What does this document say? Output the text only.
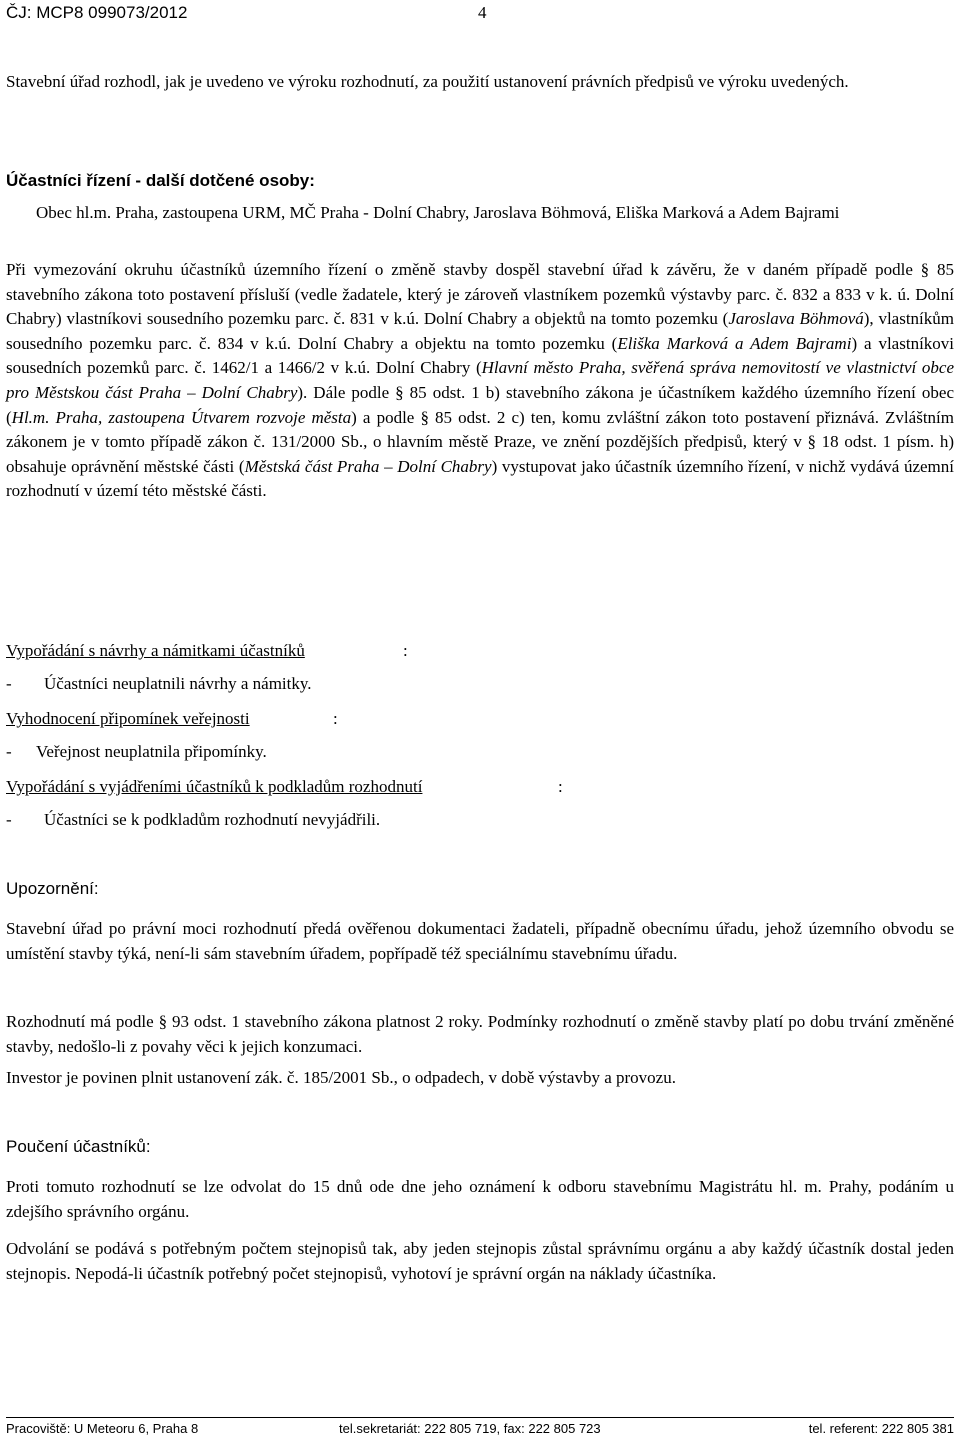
ČJ: MCP8 099073/2012	4

Stavební úřad rozhodl, jak je uvedeno ve výroku rozhodnutí, za použití ustanovení právních předpisů ve výroku uvedených.

Účastníci řízení - další dotčené osoby:

Obec hl.m. Praha, zastoupena URM, MČ Praha - Dolní Chabry, Jaroslava Böhmová, Eliška Marková a Adem Bajrami

Při vymezování okruhu účastníků územního řízení o změně stavby dospěl stavební úřad k závěru, že v daném případě podle § 85 stavebního zákona toto postavení přísluší (vedle žadatele, který je zároveň vlastníkem pozemků výstavby parc. č. 832 a 833 v k. ú. Dolní Chabry) vlastníkovi sousedního pozemku parc. č. 831 v k.ú. Dolní Chabry a objektů na tomto pozemku (Jaroslava Böhmová), vlastníkům sousedního pozemku parc. č. 834 v k.ú. Dolní Chabry a objektu na tomto pozemku (Eliška Marková a Adem Bajrami) a vlastníkovi sousedních pozemků parc. č. 1462/1 a 1466/2 v k.ú. Dolní Chabry (Hlavní město Praha, svěřená správa nemovitostí ve vlastnictví obce pro Městskou část Praha – Dolní Chabry). Dále podle § 85 odst. 1 b) stavebního zákona je účastníkem každého územního řízení obec (Hl.m. Praha, zastoupena Útvarem rozvoje města) a podle § 85 odst. 2 c) ten, komu zvláštní zákon toto postavení přiznává. Zvláštním zákonem je v tomto případě zákon č. 131/2000 Sb., o hlavním městě Praze, ve znění pozdějších předpisů, který v § 18 odst. 1 písm. h) obsahuje oprávnění městské části (Městská část Praha – Dolní Chabry) vystupovat jako účastník územního řízení, v nichž vydává územní rozhodnutí v území této městské části.

Vypořádání s návrhy a námitkami účastníků	:
- Účastníci neuplatnili návrhy a námitky.
Vyhodnocení připomínek veřejnosti	:
- Veřejnost neuplatnila připomínky.
Vypořádání s vyjádřeními účastníků k podkladům rozhodnutí	:
- Účastníci se k podkladům rozhodnutí nevyjádřili.
Upozornění:

Stavební úřad po právní moci rozhodnutí předá ověřenou dokumentaci žadateli, případně obecnímu úřadu, jehož územního obvodu se umístění stavby týká, není-li sám stavebním úřadem, popřípadě též speciálnímu stavebnímu úřadu.

Rozhodnutí má podle § 93 odst. 1 stavebního zákona platnost 2 roky. Podmínky rozhodnutí o změně stavby platí po dobu trvání změněné stavby, nedošlo-li z povahy věci k jejich konzumaci.

Investor je povinen plnit ustanovení zák. č. 185/2001 Sb., o odpadech, v době výstavby a provozu.

Poučení účastníků:

Proti tomuto rozhodnutí se lze odvolat do 15 dnů ode dne jeho oznámení k odboru stavebnímu Magistrátu hl. m. Prahy, podáním u zdejšího správního orgánu.

Odvolání se podává s potřebným počtem stejnopisů tak, aby jeden stejnopis zůstal správnímu orgánu a aby každý účastník dostal jeden stejnopis. Nepodá-li účastník potřebný počet stejnopisů, vyhotoví je správní orgán na náklady účastníka.

Pracoviště: U Meteoru 6, Praha 8	tel.sekretariát: 222 805 719, fax: 222 805 723	tel. referent: 222 805 381
